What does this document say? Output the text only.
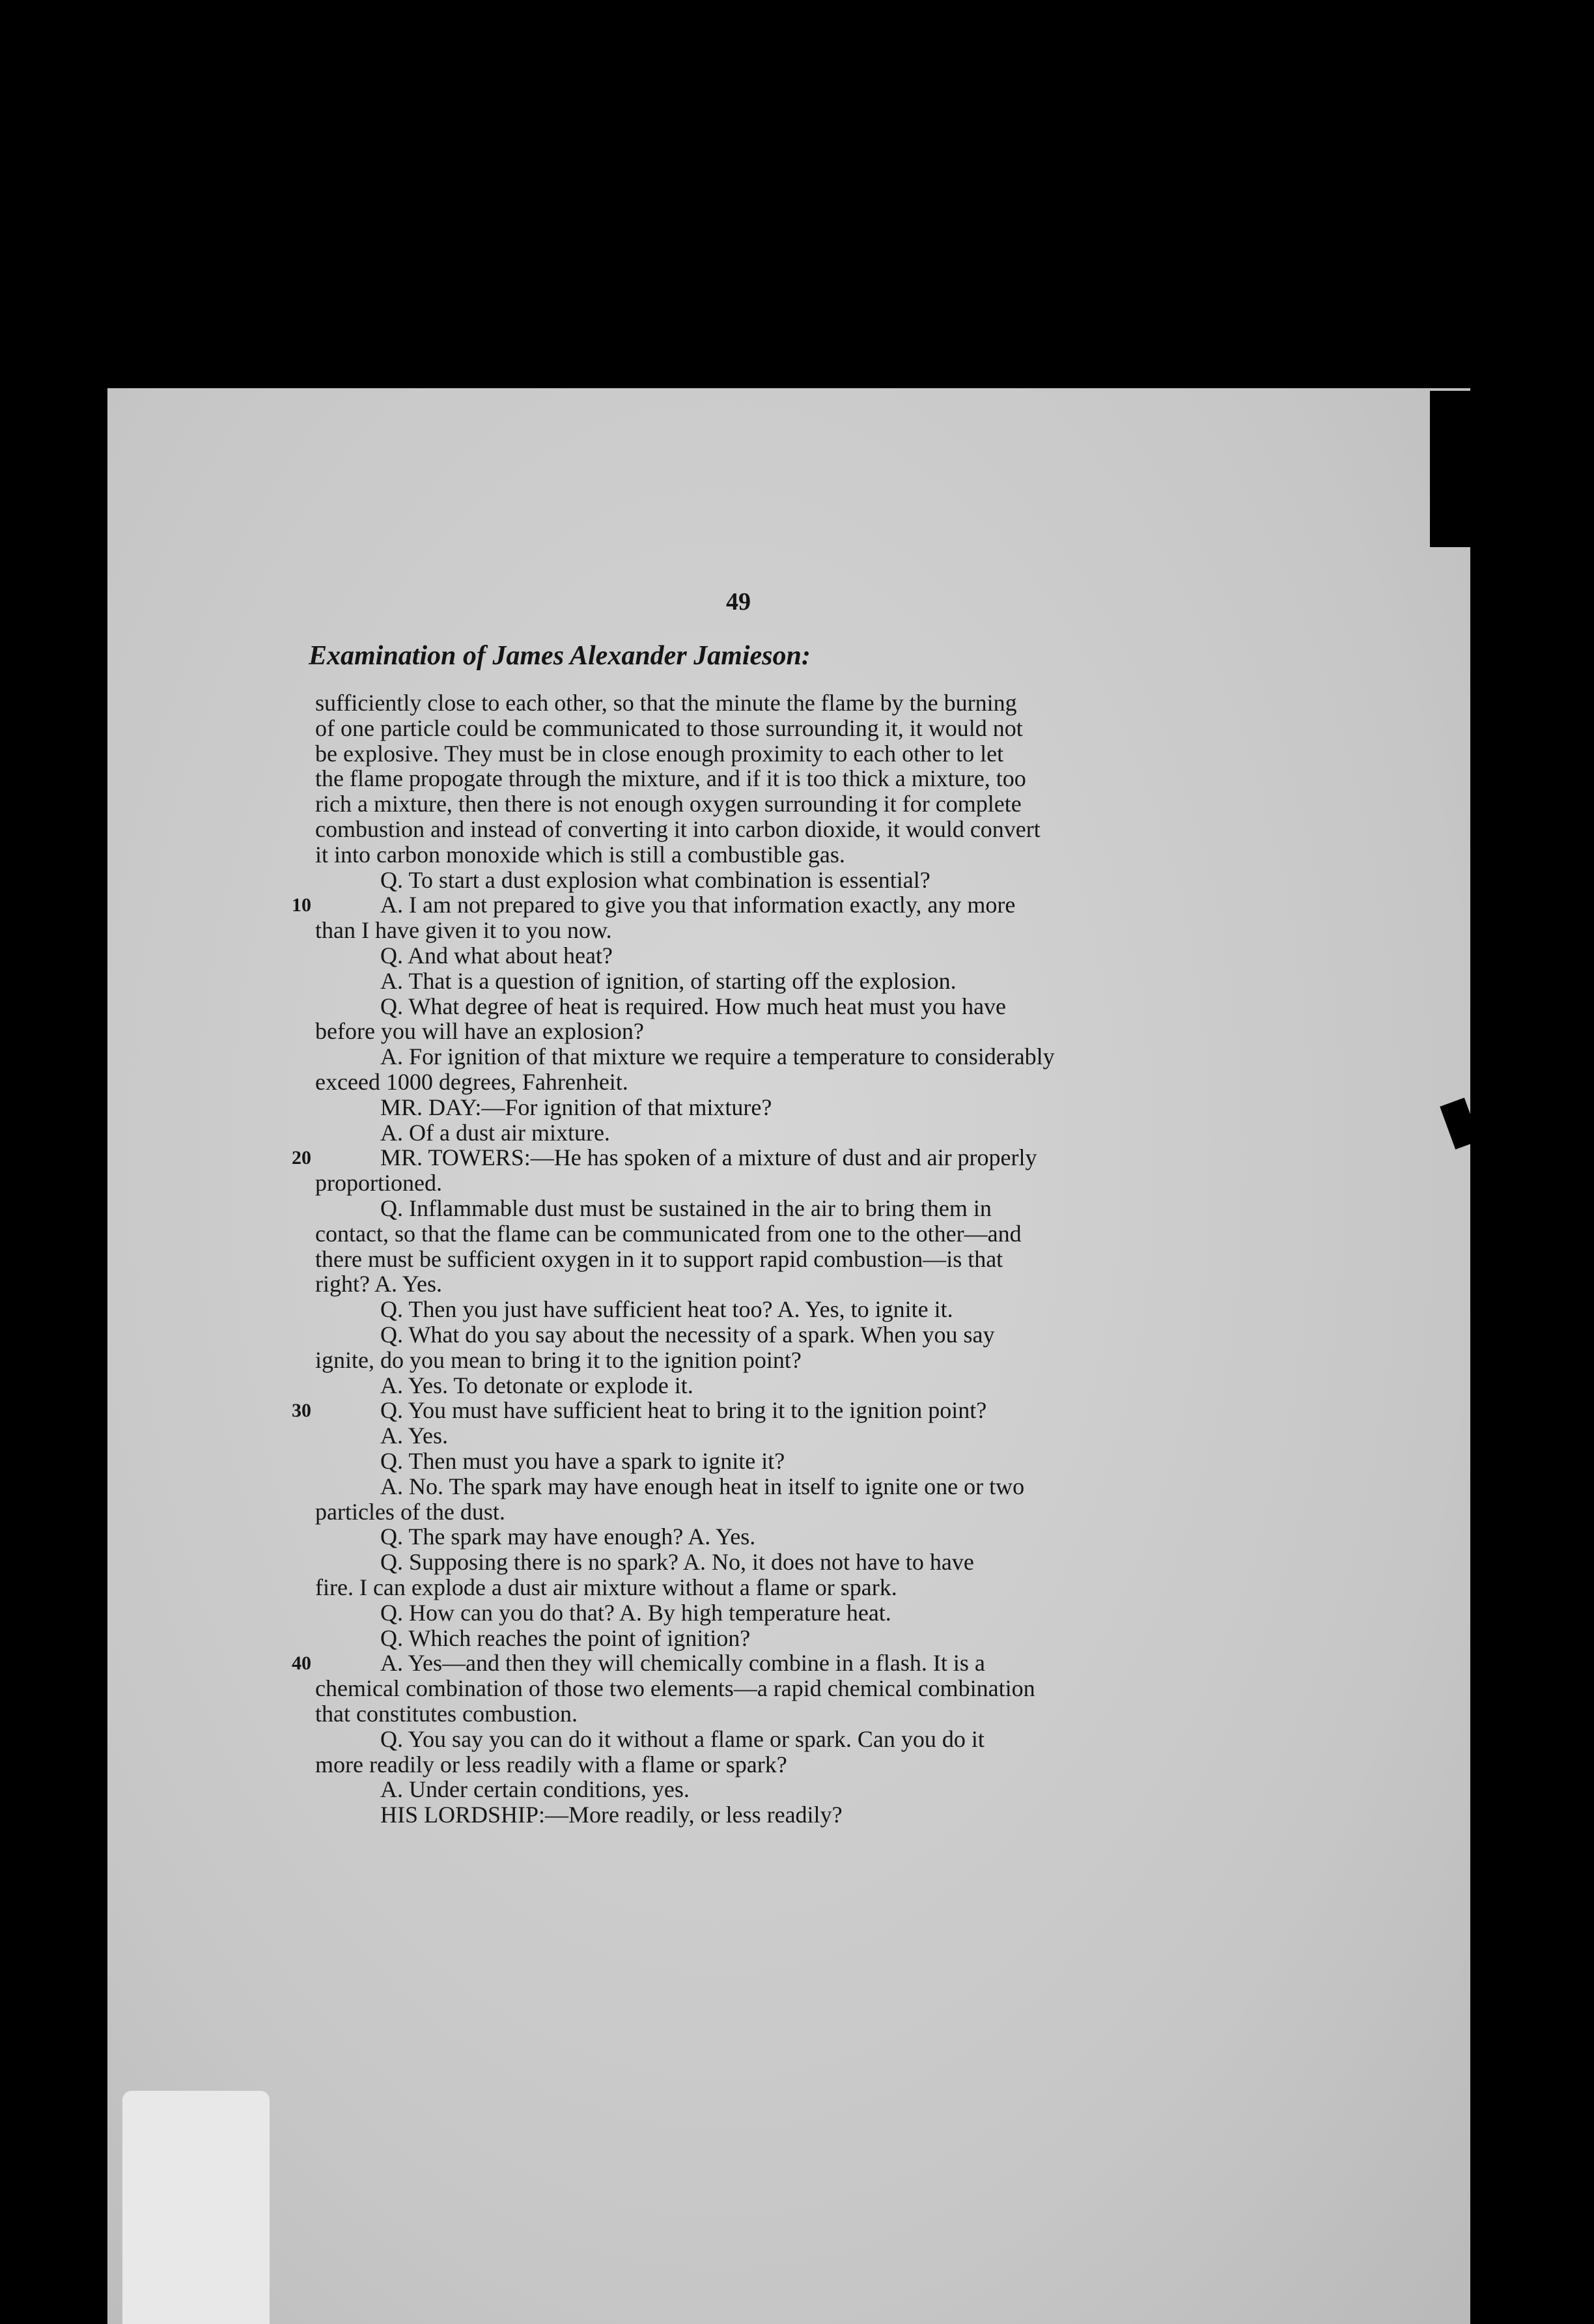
49
Examination of James Alexander Jamieson:
10
20
30
40
sufficiently close to each other, so that the minute the flame by the burning
of one particle could be communicated to those surrounding it, it would not
be explosive. They must be in close enough proximity to each other to let
the flame propogate through the mixture, and if it is too thick a mixture, too
rich a mixture, then there is not enough oxygen surrounding it for complete
combustion and instead of converting it into carbon dioxide, it would convert
it into carbon monoxide which is still a combustible gas.
Q. To start a dust explosion what combination is essential?
A. I am not prepared to give you that information exactly, any more
than I have given it to you now.
Q. And what about heat?
A. That is a question of ignition, of starting off the explosion.
Q. What degree of heat is required. How much heat must you have
before you will have an explosion?
A. For ignition of that mixture we require a temperature to considerably
exceed 1000 degrees, Fahrenheit.
MR. DAY:—For ignition of that mixture?
A. Of a dust air mixture.
MR. TOWERS:—He has spoken of a mixture of dust and air properly
proportioned.
Q. Inflammable dust must be sustained in the air to bring them in
contact, so that the flame can be communicated from one to the other—and
there must be sufficient oxygen in it to support rapid combustion—is that
right? A. Yes.
Q. Then you just have sufficient heat too? A. Yes, to ignite it.
Q. What do you say about the necessity of a spark. When you say
ignite, do you mean to bring it to the ignition point?
A. Yes. To detonate or explode it.
Q. You must have sufficient heat to bring it to the ignition point?
A. Yes.
Q. Then must you have a spark to ignite it?
A. No. The spark may have enough heat in itself to ignite one or two
particles of the dust.
Q. The spark may have enough? A. Yes.
Q. Supposing there is no spark? A. No, it does not have to have
fire. I can explode a dust air mixture without a flame or spark.
Q. How can you do that? A. By high temperature heat.
Q. Which reaches the point of ignition?
A. Yes—and then they will chemically combine in a flash. It is a
chemical combination of those two elements—a rapid chemical combination
that constitutes combustion.
Q. You say you can do it without a flame or spark. Can you do it
more readily or less readily with a flame or spark?
A. Under certain conditions, yes.
HIS LORDSHIP:—More readily, or less readily?
